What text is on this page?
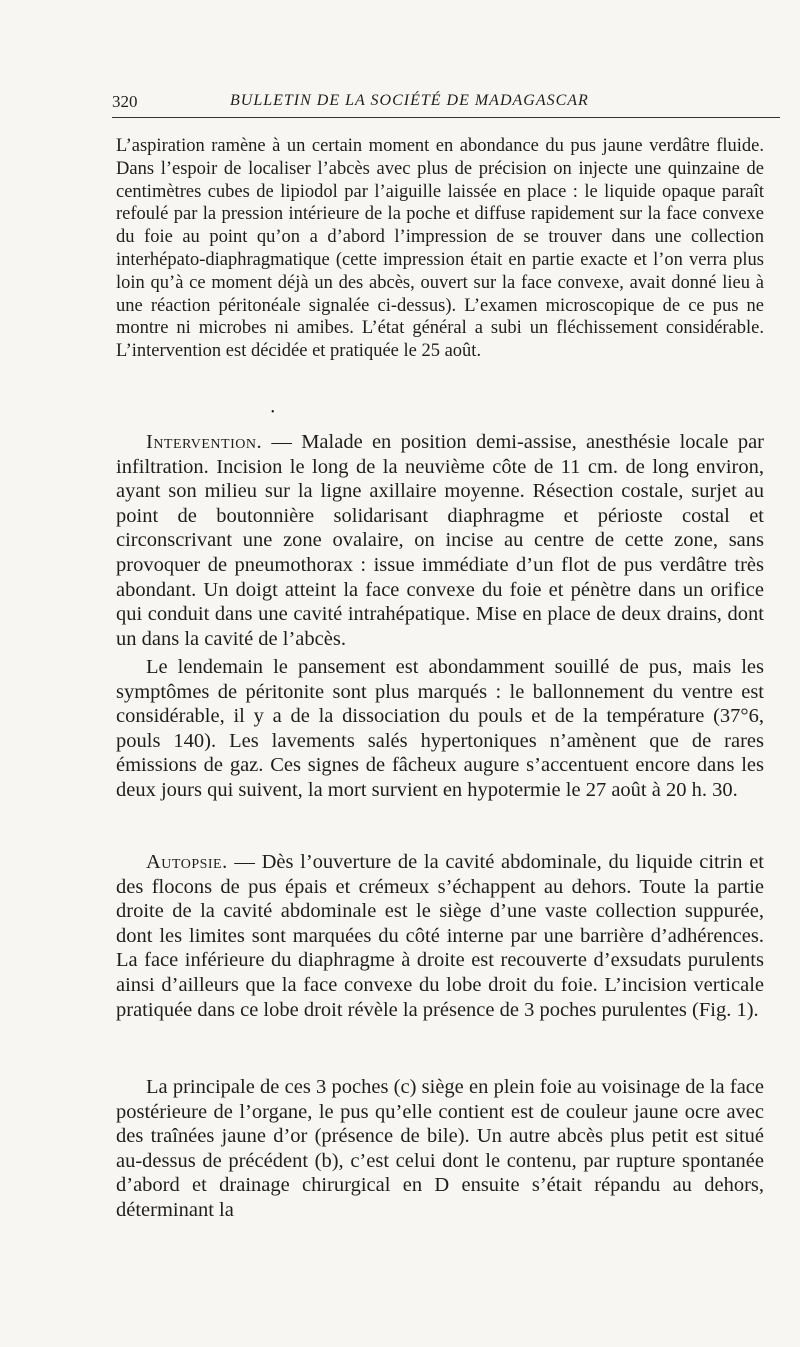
320	BULLETIN DE LA SOCIÉTÉ DE MADAGASCAR

L’aspiration ramène à un certain moment en abondance du pus jaune verdâtre fluide. Dans l’espoir de localiser l’abcès avec plus de précision on injecte une quinzaine de centimètres cubes de lipiodol par l’aiguille laissée en place : le liquide opaque paraît refoulé par la pression intérieure de la poche et diffuse rapidement sur la face convexe du foie au point qu’on a d’abord l’impression de se trouver dans une collection interhépato-diaphragmatique (cette impression était en partie exacte et l’on verra plus loin qu’à ce moment déjà un des abcès, ouvert sur la face convexe, avait donné lieu à une réaction péritonéale signalée ci-dessus). L’examen microscopique de ce pus ne montre ni microbes ni amibes. L’état général a subi un fléchissement considérable. L’intervention est décidée et pratiquée le 25 août.

•

Intervention. — Malade en position demi-assise, anesthésie locale par infiltration. Incision le long de la neuvième côte de 11 cm. de long environ, ayant son milieu sur la ligne axillaire moyenne. Résection costale, surjet au point de boutonnière solidarisant diaphragme et périoste costal et circonscrivant une zone ovalaire, on incise au centre de cette zone, sans provoquer de pneumothorax : issue immédiate d’un flot de pus verdâtre très abondant. Un doigt atteint la face convexe du foie et pénètre dans un orifice qui conduit dans une cavité intrahépatique. Mise en place de deux drains, dont un dans la cavité de l’abcès.

Le lendemain le pansement est abondamment souillé de pus, mais les symptômes de péritonite sont plus marqués : le ballonnement du ventre est considérable, il y a de la dissociation du pouls et de la température (37°6, pouls 140). Les lavements salés hypertoniques n’amènent que de rares émissions de gaz. Ces signes de fâcheux augure s’accentuent encore dans les deux jours qui suivent, la mort survient en hypotermie le 27 août à 20 h. 30.

Autopsie. — Dès l’ouverture de la cavité abdominale, du liquide citrin et des flocons de pus épais et crémeux s’échappent au dehors. Toute la partie droite de la cavité abdominale est le siège d’une vaste collection suppurée, dont les limites sont marquées du côté interne par une barrière d’adhérences. La face inférieure du diaphragme à droite est recouverte d’exsudats purulents ainsi d’ailleurs que la face convexe du lobe droit du foie. L’incision verticale pratiquée dans ce lobe droit révèle la présence de 3 poches purulentes (Fig. 1).

La principale de ces 3 poches (c) siège en plein foie au voisinage de la face postérieure de l’organe, le pus qu’elle contient est de couleur jaune ocre avec des traînées jaune d’or (présence de bile). Un autre abcès plus petit est situé au-dessus de précédent (b), c’est celui dont le contenu, par rupture spontanée d’abord et drainage chirurgical en D ensuite s’était répandu au dehors, déterminant la
